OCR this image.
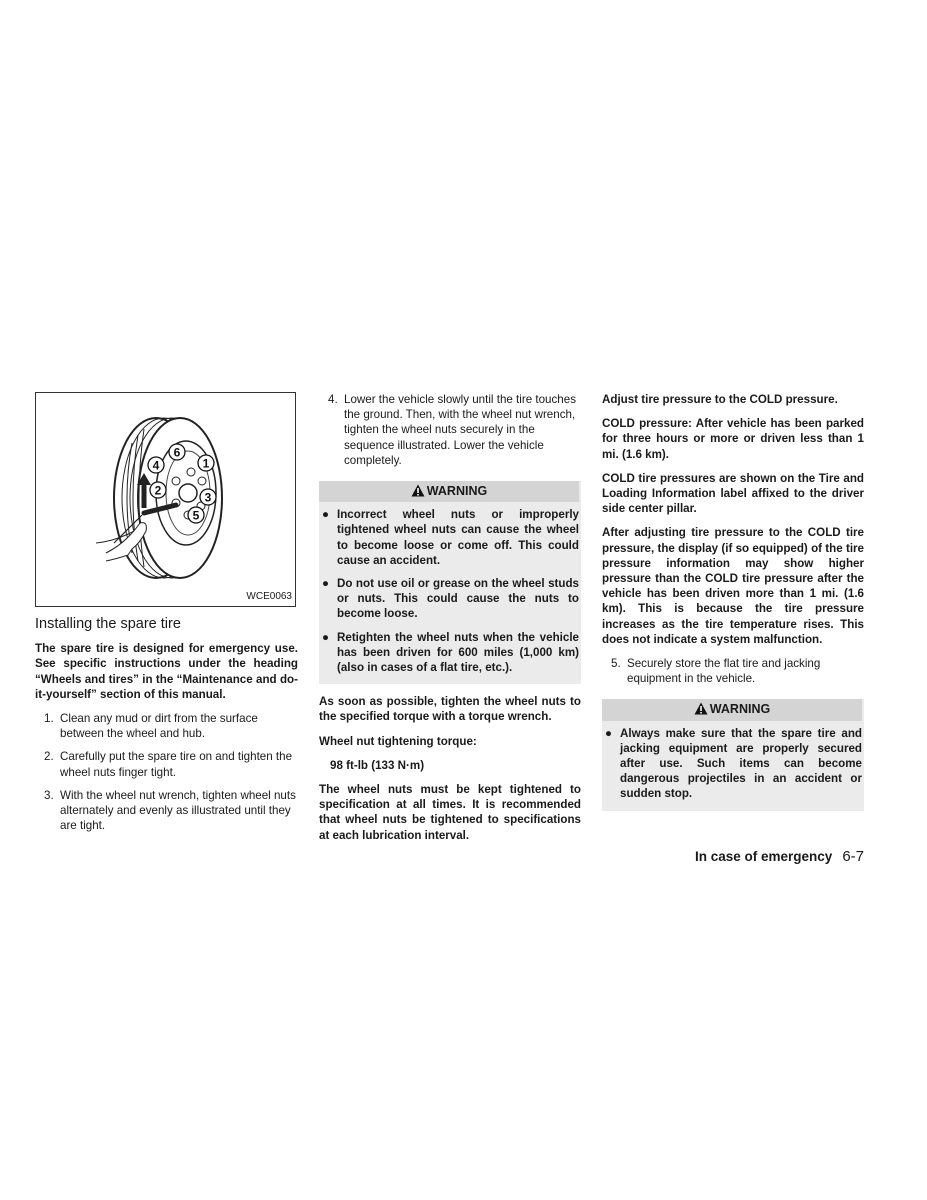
1
2	3
4
5
6
WCE0063
Installing the spare tire

The spare tire is designed for emergency use. See specific instructions under the heading “Wheels and tires” in the “Maintenance and do-it-yourself” section of this manual.

1. Clean any mud or dirt from the surface between the wheel and hub.
2. Carefully put the spare tire on and tighten the wheel nuts finger tight.
3. With the wheel nut wrench, tighten wheel nuts alternately and evenly as illustrated until they are tight.
4. Lower the vehicle slowly until the tire touches the ground. Then, with the wheel nut wrench, tighten the wheel nuts securely in the sequence illustrated. Lower the vehicle completely.
WARNING
● Incorrect wheel nuts or improperly tightened wheel nuts can cause the wheel to become loose or come off. This could cause an accident.
● Do not use oil or grease on the wheel studs or nuts. This could cause the nuts to become loose.
● Retighten the wheel nuts when the vehicle has been driven for 600 miles (1,000 km) (also in cases of a flat tire, etc.).

As soon as possible, tighten the wheel nuts to the specified torque with a torque wrench.

Wheel nut tightening torque:

98 ft-lb (133 N·m)

The wheel nuts must be kept tightened to specification at all times. It is recommended that wheel nuts be tightened to specifications at each lubrication interval.

Adjust tire pressure to the COLD pressure.

COLD pressure: After vehicle has been parked for three hours or more or driven less than 1 mi. (1.6 km).

COLD tire pressures are shown on the Tire and Loading Information label affixed to the driver side center pillar.

After adjusting tire pressure to the COLD tire pressure, the display (if so equipped) of the tire pressure information may show higher pressure than the COLD tire pressure after the vehicle has been driven more than 1 mi. (1.6 km). This is because the tire pressure increases as the tire temperature rises. This does not indicate a system malfunction.

5. Securely store the flat tire and jacking equipment in the vehicle.
WARNING
● Always make sure that the spare tire and jacking equipment are properly secured after use. Such items can become dangerous projectiles in an accident or sudden stop.
In case of emergency 6-7
